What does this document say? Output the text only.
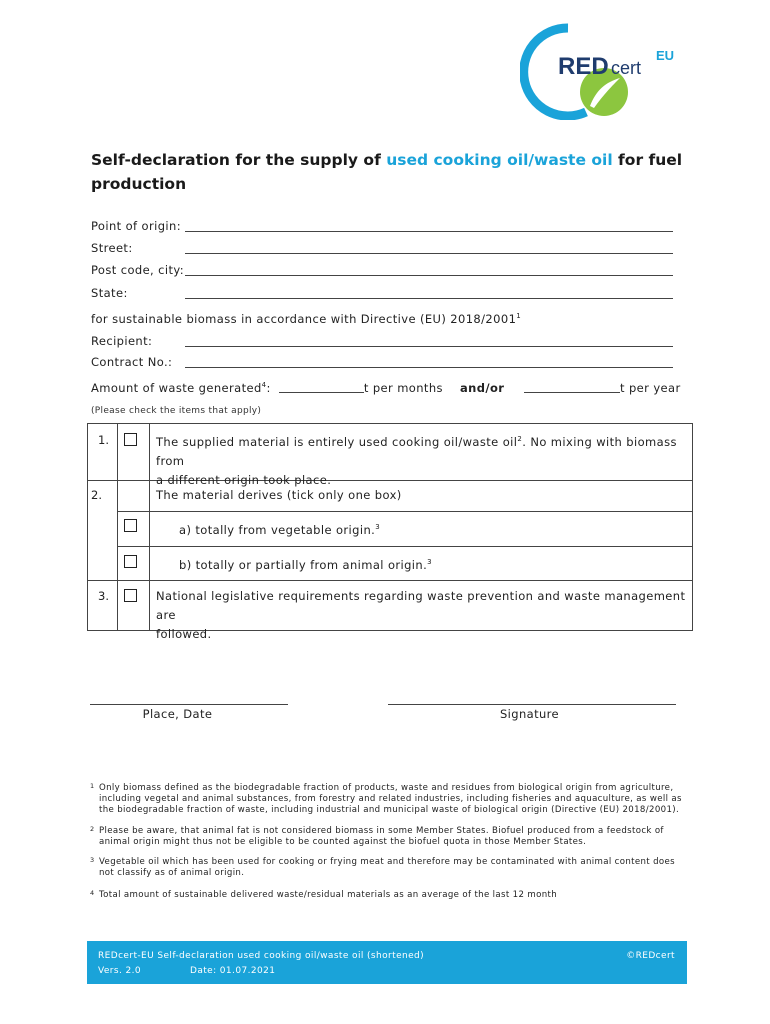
RED cert
EU
Self-declaration for the supply of used cooking oil/waste oil for fuel production
Point of origin:
Street:
Post code, city:
State:
for sustainable biomass in accordance with Directive (EU) 2018/2001$^1$
Recipient:
Contract No.:
Amount of waste generated$^4$:	t per months and/or	t per year
(Please check the items that apply)
1.	The supplied material is entirely used cooking oil/waste oil$^2$. No mixing with biomass from
a different origin took place.
2.	The material derives (tick only one box)
a) totally from vegetable origin.$^3$
b) totally or partially from animal origin.$^3$
3.	National legislative requirements regarding waste prevention and waste management are
followed.
Place, Date	Signature
1 Only biomass defined as the biodegradable fraction of products, waste and residues from biological origin from agriculture, including vegetal and animal substances, from forestry and related industries, including fisheries and aquaculture, as well as the biodegradable fraction of waste, including industrial and municipal waste of biological origin (Directive (EU) 2018/2001).
2 Please be aware, that animal fat is not considered biomass in some Member States. Biofuel produced from a feedstock of animal origin might thus not be eligible to be counted against the biofuel quota in those Member States.
3 Vegetable oil which has been used for cooking or frying meat and therefore may be contaminated with animal content does not classify as of animal origin.
4 Total amount of sustainable delivered waste/residual materials as an average of the last 12 month
REDcert-EU Self-declaration used cooking oil/waste oil (shortened)	©REDcert
Vers. 2.0	Date: 01.07.2021
